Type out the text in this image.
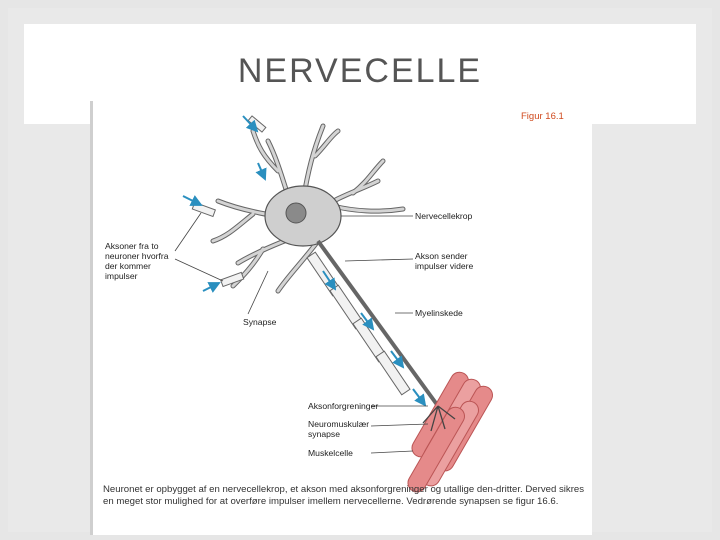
NERVECELLE
Figur 16.1
Nervecellekrop
Akson sender
impulser videre
Myelinskede
Aksonforgreninger
Neuromuskulær
synapse
Muskelcelle
Aksoner fra to
neuroner hvorfra
der kommer
impulser
Synapse
Neuronet er opbygget af en nervecellekrop, et akson med aksonforgreninger og utallige den-dritter. Derved sikres en meget stor mulighed for at overføre impulser imellem nervecellerne. Vedrørende synapsen se figur 16.6.
